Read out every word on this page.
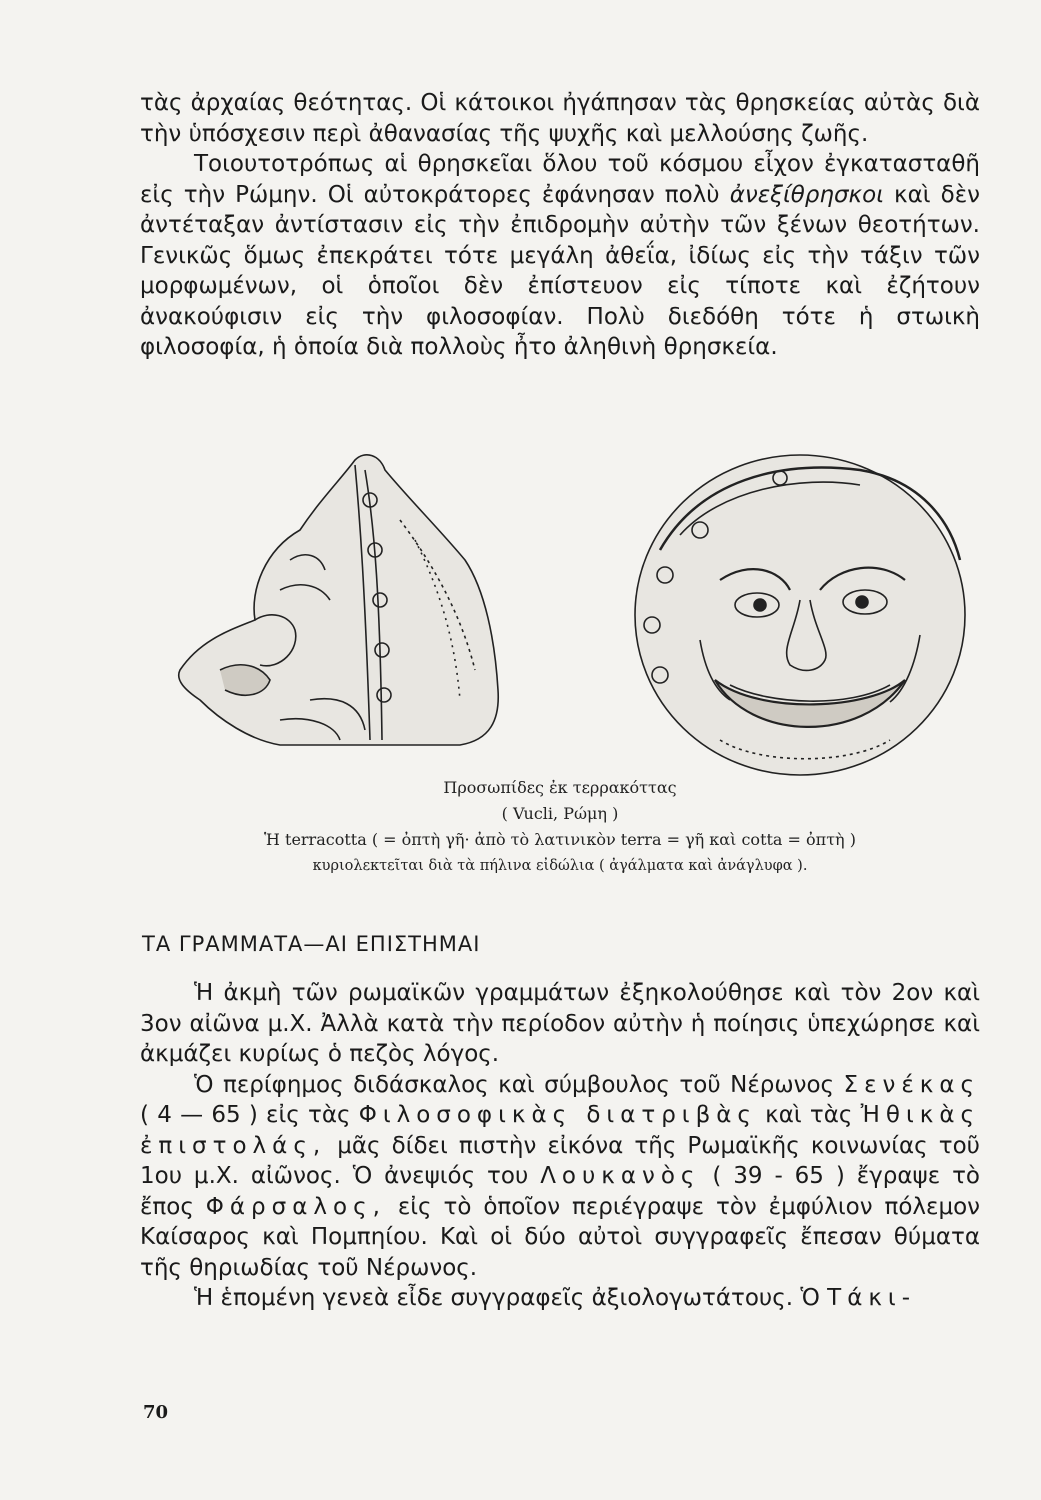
τὰς ἀρχαίας θεότητας. Οἱ κάτοικοι ἠγάπησαν τὰς θρησκείας αὐτὰς διὰ τὴν ὑπόσχεσιν περὶ ἀθανασίας τῆς ψυχῆς καὶ μελλούσης ζωῆς.

Τοιουτοτρόπως αἱ θρησκεῖαι ὅλου τοῦ κόσμου εἶχον ἐγκατασταθῆ εἰς τὴν Ρώμην. Οἱ αὐτοκράτορες ἐφάνησαν πολὺ ἀνεξίθρησκοι καὶ δὲν ἀντέταξαν ἀντίστασιν εἰς τὴν ἐπιδρομὴν αὐτὴν τῶν ξένων θεοτήτων. Γενικῶς ὅμως ἐπεκράτει τότε μεγάλη ἀθεΐα, ἰδίως εἰς τὴν τάξιν τῶν μορφωμένων, οἱ ὁποῖοι δὲν ἐπίστευον εἰς τίποτε καὶ ἐζήτουν ἀνακούφισιν εἰς τὴν φιλοσοφίαν. Πολὺ διεδόθη τότε ἡ στωικὴ φιλοσοφία, ἡ ὁποία διὰ πολλοὺς ἦτο ἀληθινὴ θρησκεία.

Προσωπίδες ἐκ τερρακόττας
( Vucli, Ρώμη )
Ἡ terracotta ( = ὀπτὴ γῆ· ἀπὸ τὸ λατινικὸν terra = γῆ καὶ cotta = ὀπτὴ )
κυριολεκτεῖται διὰ τὰ πήλινα εἰδώλια ( ἀγάλματα καὶ ἀνάγλυφα ).
ΤΑ ΓΡΑΜΜΑΤΑ—ΑΙ ΕΠΙΣΤΗΜΑΙ

Ἡ ἀκμὴ τῶν ρωμαϊκῶν γραμμάτων ἐξηκολούθησε καὶ τὸν 2ον καὶ 3ον αἰῶνα μ.Χ. Ἀλλὰ κατὰ τὴν περίοδον αὐτὴν ἡ ποίησις ὑπεχώρησε καὶ ἀκμάζει κυρίως ὁ πεζὸς λόγος.

Ὁ περίφημος διδάσκαλος καὶ σύμβουλος τοῦ Νέρωνος Σενέκας ( 4 — 65 ) εἰς τὰς Φιλοσοφικὰς διατριβὰς καὶ τὰς Ἠθικὰς ἐπιστολάς, μᾶς δίδει πιστὴν εἰκόνα τῆς Ρωμαϊκῆς κοινωνίας τοῦ 1ου μ.Χ. αἰῶνος. Ὁ ἀνεψιός του Λουκανὸς ( 39 - 65 ) ἔγραψε τὸ ἔπος Φάρσαλος, εἰς τὸ ὁποῖον περιέγραψε τὸν ἐμφύλιον πόλεμον Καίσαρος καὶ Πομπηίου. Καὶ οἱ δύο αὐτοὶ συγγραφεῖς ἔπεσαν θύματα τῆς θηριωδίας τοῦ Νέρωνος.

Ἡ ἑπομένη γενεὰ εἶδε συγγραφεῖς ἀξιολογωτάτους. Ὁ Τάκι-

70
